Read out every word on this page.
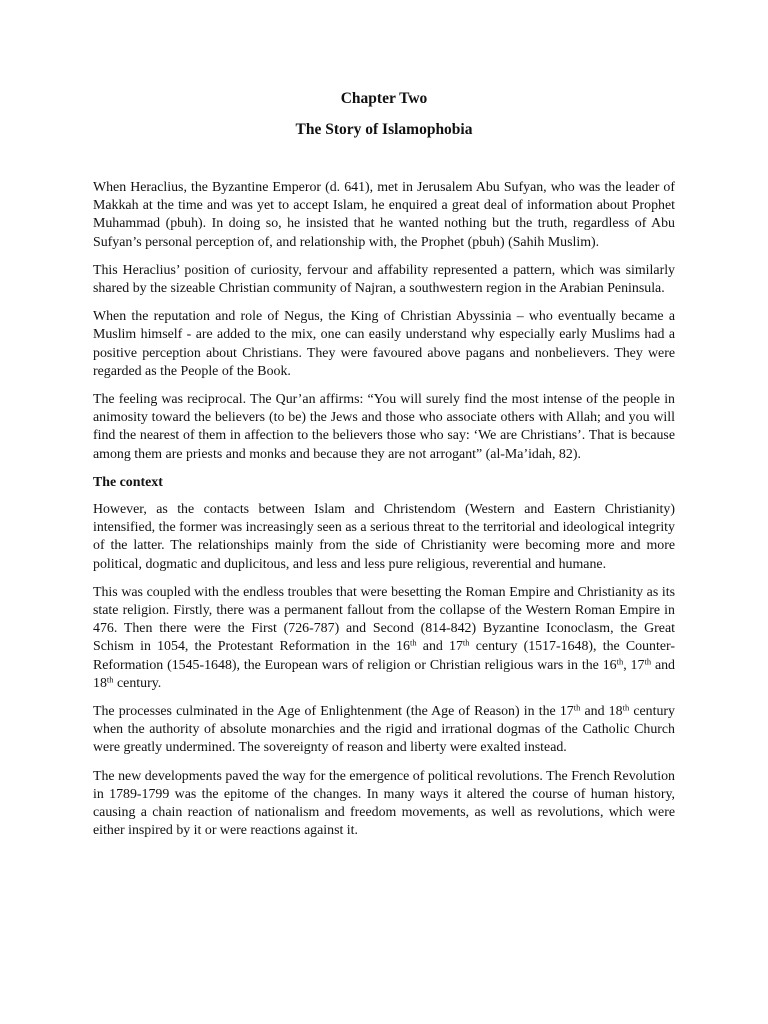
Chapter Two
The Story of Islamophobia

When Heraclius, the Byzantine Emperor (d. 641), met in Jerusalem Abu Sufyan, who was the leader of Makkah at the time and was yet to accept Islam, he enquired a great deal of information about Prophet Muhammad (pbuh). In doing so, he insisted that he wanted nothing but the truth, regardless of Abu Sufyan’s personal perception of, and relationship with, the Prophet (pbuh) (Sahih Muslim).

This Heraclius’ position of curiosity, fervour and affability represented a pattern, which was similarly shared by the sizeable Christian community of Najran, a southwestern region in the Arabian Peninsula.

When the reputation and role of Negus, the King of Christian Abyssinia – who eventually became a Muslim himself - are added to the mix, one can easily understand why especially early Muslims had a positive perception about Christians. They were favoured above pagans and nonbelievers. They were regarded as the People of the Book.

The feeling was reciprocal. The Qur’an affirms: “You will surely find the most intense of the people in animosity toward the believers (to be) the Jews and those who associate others with Allah; and you will find the nearest of them in affection to the believers those who say: ‘We are Christians’. That is because among them are priests and monks and because they are not arrogant” (al-Ma’idah, 82).

The context

However, as the contacts between Islam and Christendom (Western and Eastern Christianity) intensified, the former was increasingly seen as a serious threat to the territorial and ideological integrity of the latter. The relationships mainly from the side of Christianity were becoming more and more political, dogmatic and duplicitous, and less and less pure religious, reverential and humane.

This was coupled with the endless troubles that were besetting the Roman Empire and Christianity as its state religion. Firstly, there was a permanent fallout from the collapse of the Western Roman Empire in 476. Then there were the First (726-787) and Second (814-842) Byzantine Iconoclasm, the Great Schism in 1054, the Protestant Reformation in the 16th and 17th century (1517-1648), the Counter-Reformation (1545-1648), the European wars of religion or Christian religious wars in the 16th, 17th and 18th century.

The processes culminated in the Age of Enlightenment (the Age of Reason) in the 17th and 18th century when the authority of absolute monarchies and the rigid and irrational dogmas of the Catholic Church were greatly undermined. The sovereignty of reason and liberty were exalted instead.

The new developments paved the way for the emergence of political revolutions. The French Revolution in 1789-1799 was the epitome of the changes. In many ways it altered the course of human history, causing a chain reaction of nationalism and freedom movements, as well as revolutions, which were either inspired by it or were reactions against it.
